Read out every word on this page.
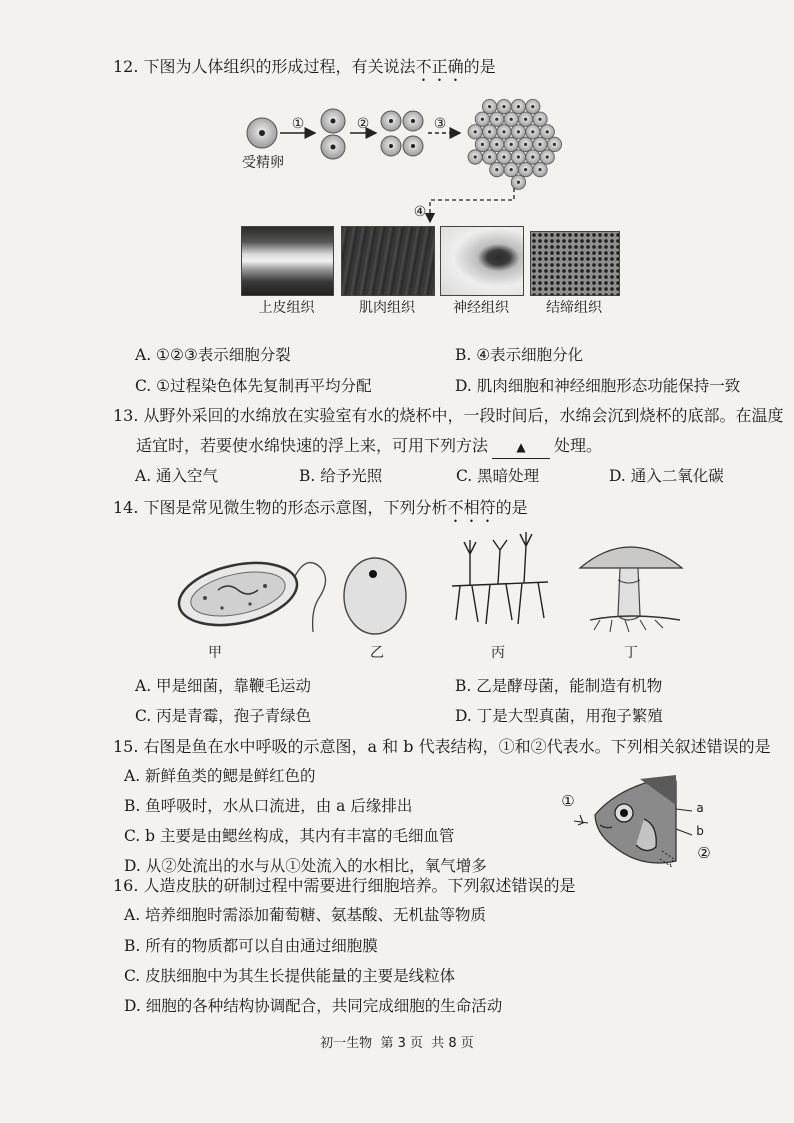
12. 下图为人体组织的形成过程，有关说法不正确的是
①	②	③
④
受精卵
上皮组织	肌肉组织	神经组织	结缔组织
A. ①②③表示细胞分裂	B. ④表示细胞分化
C. ①过程染色体先复制再平均分配	D. 肌肉细胞和神经细胞形态功能保持一致
13. 从野外采回的水绵放在实验室有水的烧杯中，一段时间后，水绵会沉到烧杯的底部。在温度
适宜时，若要使水绵快速的浮上来，可用下列方法 ▲ 处理。
A. 通入空气	B. 给予光照	C. 黑暗处理	D. 通入二氧化碳
14. 下图是常见微生物的形态示意图，下列分析不相符的是
甲	乙	丙	丁
A. 甲是细菌，靠鞭毛运动	B. 乙是酵母菌，能制造有机物
C. 丙是青霉，孢子青绿色	D. 丁是大型真菌，用孢子繁殖
15. 右图是鱼在水中呼吸的示意图，a 和 b 代表结构，①和②代表水。下列相关叙述错误的是
A. 新鲜鱼类的鳃是鲜红色的
B. 鱼呼吸时，水从口流进，由 a 后缘排出
C. b 主要是由鳃丝构成，其内有丰富的毛细血管
D. 从②处流出的水与从①处流入的水相比，氧气增多
①	a
b
②
16. 人造皮肤的研制过程中需要进行细胞培养。下列叙述错误的是
A. 培养细胞时需添加葡萄糖、氨基酸、无机盐等物质
B. 所有的物质都可以自由通过细胞膜
C. 皮肤细胞中为其生长提供能量的主要是线粒体
D. 细胞的各种结构协调配合，共同完成细胞的生命活动
初一生物 第 3 页 共 8 页
